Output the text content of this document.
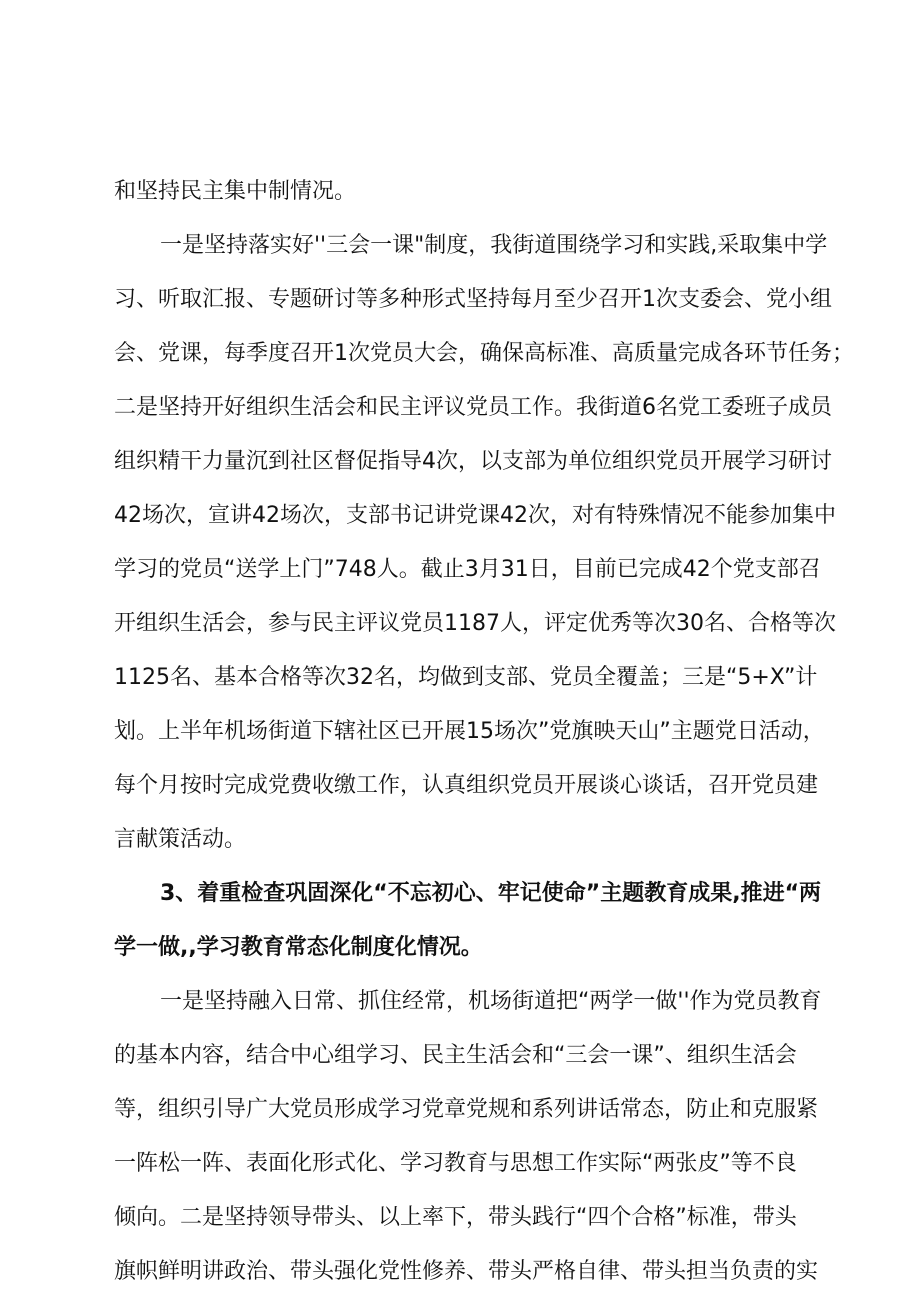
和坚持民主集中制情况。
一是坚持落实好''三会一课"制度，我街道围绕学习和实践,采取集中学
习、听取汇报、专题研讨等多种形式坚持每月至少召开1次支委会、党小组
会、党课，每季度召开1次党员大会，确保高标准、高质量完成各环节任务；
二是坚持开好组织生活会和民主评议党员工作。我街道6名党工委班子成员
组织精干力量沉到社区督促指导4次，以支部为单位组织党员开展学习研讨
42场次，宣讲42场次，支部书记讲党课42次，对有特殊情况不能参加集中
学习的党员“送学上门”748人。截止3月31日，目前已完成42个党支部召
开组织生活会，参与民主评议党员1187人，评定优秀等次30名、合格等次
1125名、基本合格等次32名，均做到支部、党员全覆盖；三是“5+X”计
划。上半年机场街道下辖社区已开展15场次”党旗映天山”主题党日活动，
每个月按时完成党费收缴工作，认真组织党员开展谈心谈话，召开党员建
言献策活动。
3、着重检查巩固深化“不忘初心、牢记使命”主题教育成果,推进“两
学一做,,学习教育常态化制度化情况。
一是坚持融入日常、抓住经常，机场街道把“两学一做''作为党员教育
的基本内容，结合中心组学习、民主生活会和“三会一课”、组织生活会
等，组织引导广大党员形成学习党章党规和系列讲话常态，防止和克服紧
一阵松一阵、表面化形式化、学习教育与思想工作实际“两张皮”等不良
倾向。二是坚持领导带头、以上率下，带头践行“四个合格”标准，带头
旗帜鲜明讲政治、带头强化党性修养、带头严格自律、带头担当负责的实
